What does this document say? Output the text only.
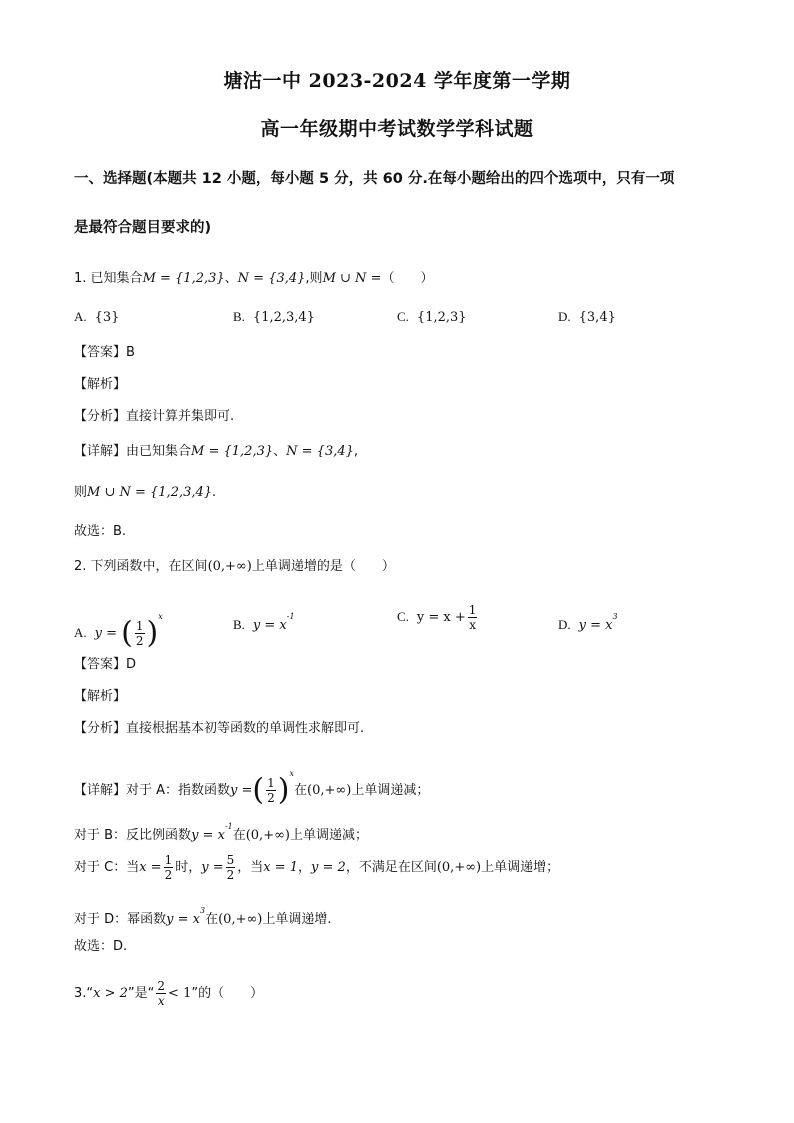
塘沽一中 2023-2024 学年度第一学期
高一年级期中考试数学学科试题
一、选择题(本题共 12 小题，每小题 5 分，共 60 分.在每小题给出的四个选项中，只有一项
是最符合题目要求的)
1. 已知集合M = {1,2,3}、N = {3,4},则M ∪ N =（　　）
A. {3}	B. {1,2,3,4}	C. {1,2,3}	D. {3,4}
【答案】B
【解析】
【分析】直接计算并集即可.
【详解】由已知集合M = {1,2,3}、N = {3,4},
则M ∪ N = {1,2,3,4}.
故选：B.
2. 下列函数中，在区间(0,+∞)上单调递增的是（　　）
A. y = ( $\frac{1}{2} )^x$
B. $y = x^{-1}$	C. $y = x + \frac{1}{x}$	D. $y = x^3$
【答案】D
【解析】
【分析】直接根据基本初等函数的单调性求解即可.
【详解】对于 A：指数函数y =( $\frac{1}{2} )^x$在(0,+∞)上单调递减；
对于 B：反比例函数$y = x^{-1}$在(0,+∞)上单调递减；
对于 C：当$x = \frac{1}{2}$ 时，$y = \frac{5}{2}$ ，当x = 1，y = 2，不满足在区间(0,+∞)上单调递增；
对于 D：幂函数$y = x^3$在(0,+∞)上单调递增.
故选：D.
3.“x > 2”是“ $\frac{2}{x} < 1$”的（　　）
